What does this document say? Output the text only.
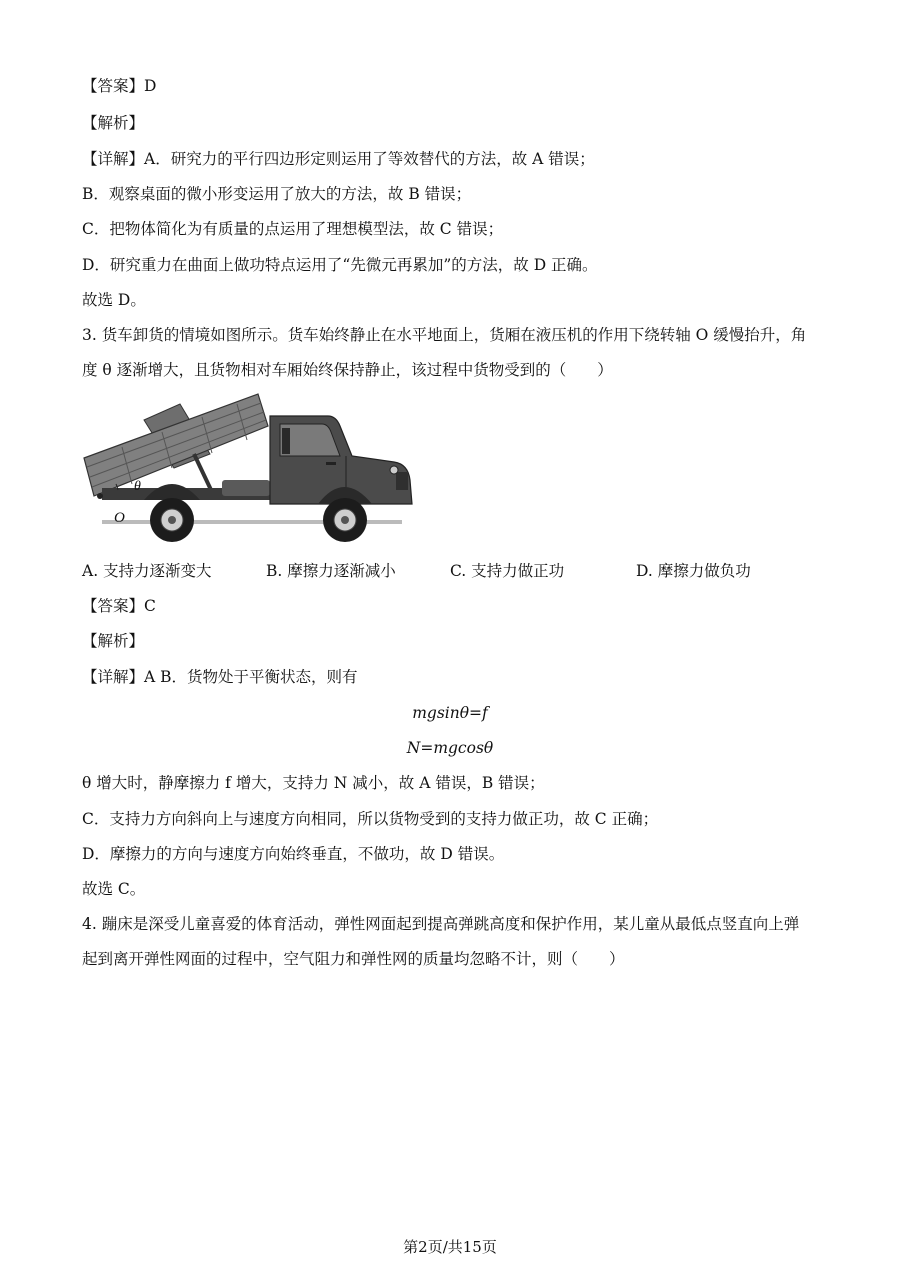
【答案】D
【解析】
【详解】A．研究力的平行四边形定则运用了等效替代的方法，故 A 错误；
B．观察桌面的微小形变运用了放大的方法，故 B 错误；
C．把物体简化为有质量的点运用了理想模型法，故 C 错误；
D．研究重力在曲面上做功特点运用了“先微元再累加”的方法，故 D 正确。
故选 D。
3. 货车卸货的情境如图所示。货车始终静止在水平地面上，货厢在液压机的作用下绕转轴 O 缓慢抬升，角
度 θ 逐渐增大，且货物相对车厢始终保持静止，该过程中货物受到的（　　）
θ
O
A. 支持力逐渐变大	B. 摩擦力逐渐减小	C. 支持力做正功	D. 摩擦力做负功
【答案】C
【解析】
【详解】A B．货物处于平衡状态，则有
mgsinθ=f
N=mgcosθ
θ 增大时，静摩擦力 f 增大，支持力 N 减小，故 A 错误，B 错误；
C．支持力方向斜向上与速度方向相同，所以货物受到的支持力做正功，故 C 正确；
D．摩擦力的方向与速度方向始终垂直，不做功，故 D 错误。
故选 C。
4. 蹦床是深受儿童喜爱的体育活动，弹性网面起到提高弹跳高度和保护作用，某儿童从最低点竖直向上弹
起到离开弹性网面的过程中，空气阻力和弹性网的质量均忽略不计，则（　　）
第2页/共15页
